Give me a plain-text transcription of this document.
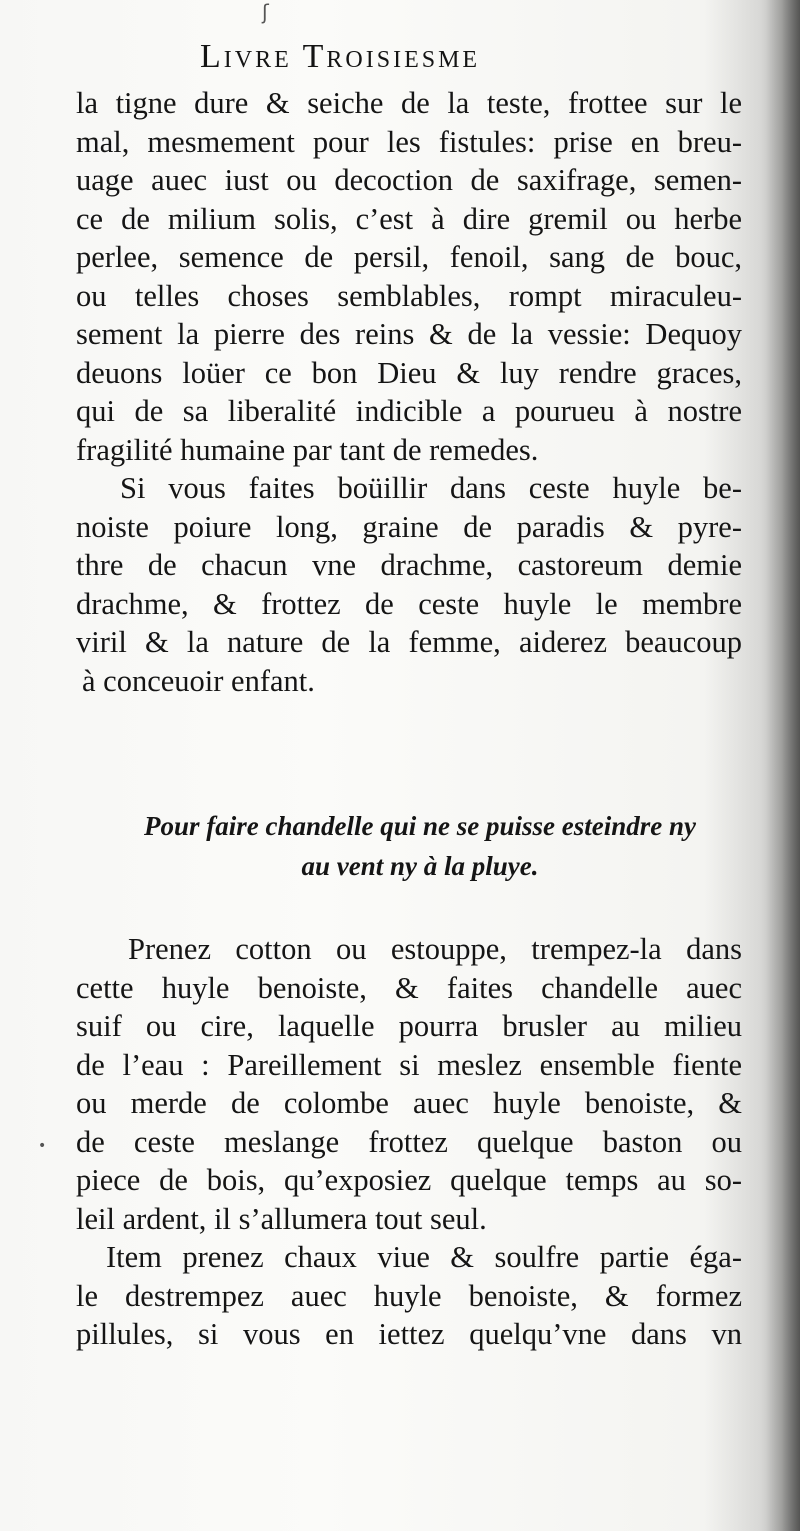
ʃ
•
Livre Troisiesme
la tigne dure & seiche de la teste, frottee sur le
mal, mesmement pour les fistules: prise en breu-
uage auec iust ou decoction de saxifrage, semen-
ce de milium solis, c’est à dire gremil ou herbe
perlee, semence de persil, fenoil, sang de bouc,
ou telles choses semblables, rompt miraculeu-
sement la pierre des reins & de la vessie: Dequoy
deuons loüer ce bon Dieu & luy rendre graces,
qui de sa liberalité indicible a pourueu à nostre
fragilité humaine par tant de remedes.
Si vous faites boüillir dans ceste huyle be-
noiste poiure long, graine de paradis & pyre-
thre de chacun vne drachme, castoreum demie
drachme, & frottez de ceste huyle le membre
viril & la nature de la femme, aiderez beaucoup
à conceuoir enfant.
Pour faire chandelle qui ne se puisse esteindre ny
au vent ny à la pluye.
Prenez cotton ou estouppe, trempez-la dans
cette huyle benoiste, & faites chandelle auec
suif ou cire, laquelle pourra brusler au milieu
de l’eau : Pareillement si meslez ensemble fiente
ou merde de colombe auec huyle benoiste, &
de ceste meslange frottez quelque baston ou
piece de bois, qu’exposiez quelque temps au so-
leil ardent, il s’allumera tout seul.
Item prenez chaux viue & soulfre partie éga-
le destrempez auec huyle benoiste, & formez
pillules, si vous en iettez quelqu’vne dans vn
